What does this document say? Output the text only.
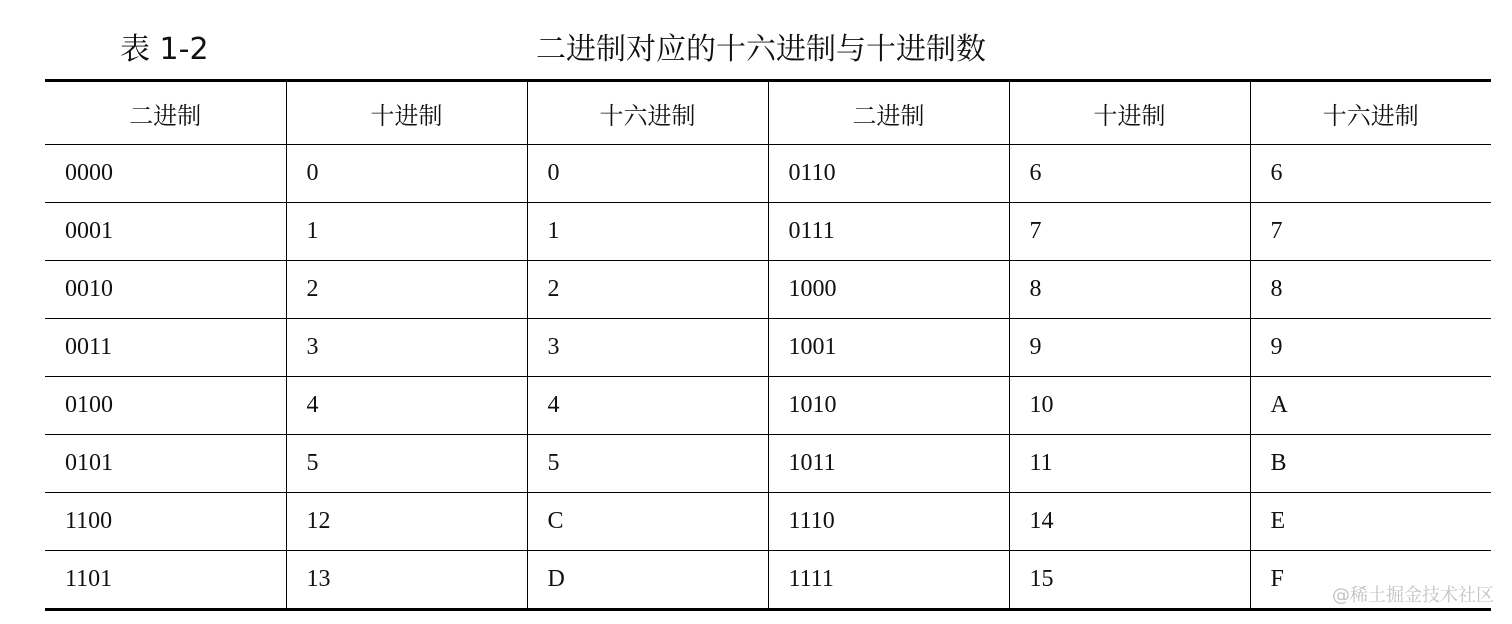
表 1-2	二进制对应的十六进制与十进制数
二进制	十进制	十六进制	二进制	十进制	十六进制
0000	0	0	0110	6	6
0001	1	1	0111	7	7
0010	2	2	1000	8	8
0011	3	3	1001	9	9
0100	4	4	1010	10	A
0101	5	5	1011	11	B
1100	12	C	1110	14	E
1101	13	D	1111	15	F
@稀土掘金技术社区
